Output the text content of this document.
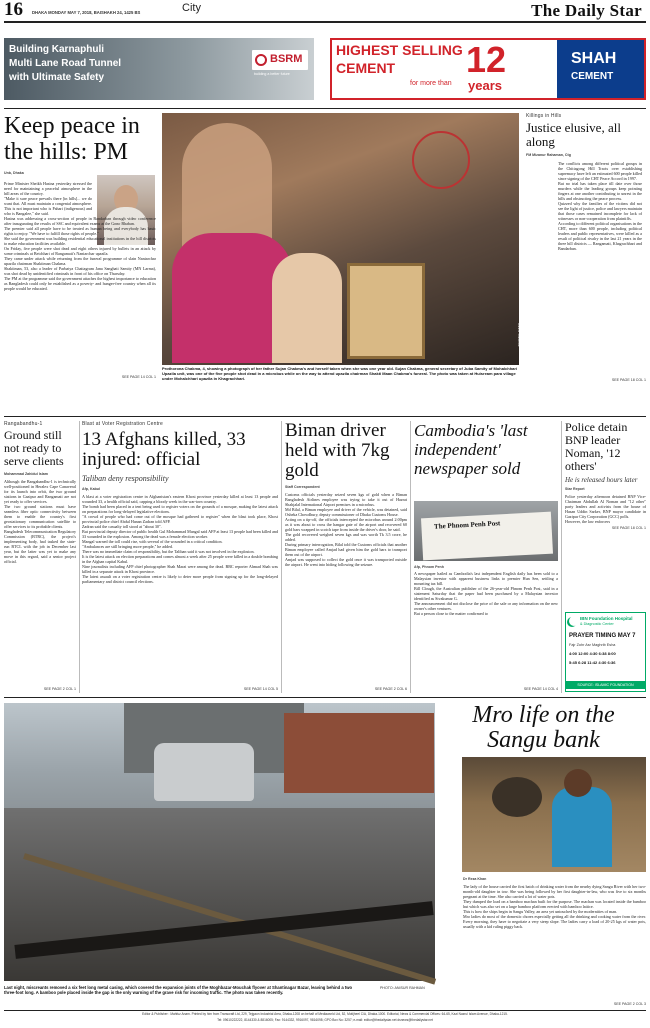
16 DHAKA MONDAY MAY 7, 2018, BAISHAKH 24, 1425 BS	City	The Daily Star
Building Karnaphuli
Multi Lane Road Tunnel
with Ultimate Safety
BSRM
building a better future
HIGHEST SELLING
CEMENT
for more than
12
years
SHAH
CEMENT
Keep peace in the hills: PM
Unb, Dhaka

Prime Minister Sheikh Hasina yesterday stressed the need for maintaining a peaceful atmosphere in the hill areas of the country.

"Make it sure peace prevails there [in hills]... we do want that. All must maintain a congenial atmosphere. This is not important who is Pahari (indigenous) and who is Bangalee," she said.

Hasina was addressing a cross-section of people in Bandarban through video conference after inaugurating the results of SSC and equivalent exams at the Gono Bhaban.

The premier said all people have to be treated as human being and everybody has basic rights to enjoy. "We have to fulfill those rights of people."

She said the government was building residential educational institutions in the hill districts to make education facilities available.

On Friday, five people were shot dead and eight others injured by bullets in an attack by some criminals at Betchhari of Rangamati's Naniarchar upazila.

They came under attack while returning from the funeral programme of slain Naniarchar upazila chairman Shaktiman Chakma.

Shaktiman, 53, also a leader of Parbatya Chattagram Jana Sanghati Samity (MN Larma), was shot dead by unidentified criminals in front of his office on Thursday.

The PM at the programme said the government attaches the highest importance to education as Bangladesh could only be established as a poverty- and hunger-free country when all its people would be educated.

SEE PAGE 14 COL 1
PHOTO: STAR
Prothorona Chakma, 4, showing a photograph of her father Sujan Chakma's and herself taken when she was one year old. Sujan Chakma, general secretary of Juba Samity of Mohalchhari Upazila unit, was one of the five people shot dead in a microbus while on the way to attend upazila chairman Shakti Maan Chakma's funeral. The photo was taken at Huisream para village under Mohalchhari upazila in Khagrachhari.
Killings in Hills
Justice elusive, all along
FM Mizanur Rahaman, Ctg

The conflicts among different political groups in the Chittagong Hill Tracts over establishing supremacy have left an estimated 600 people killed since signing of the CHT Peace Accord in 1997.

But no trial has taken place till date over those murders while the leading groups keep pointing fingers at one another contributing to unrest in the hills and obstructing the peace process.

Quizzed why the families of the victims did not see the light of justice, police and lawyers maintain that those cases remained incomplete for lack of witnesses or non-cooperation from plaintiffs.

According to different political organisations in the CHT, more than 600 people, including political leaders and public representatives, were killed as a result of political rivalry in the last 21 years in the three hill districts — Rangamati, Khagrachhari and Bandarban.

SEE PAGE 18 COL 1
Rangabandhu-1
Ground still not ready to serve clients
Mohammad Zahidul Islam

Although the Bangabandhu-1 is technically well-positioned in Heralex Cape Canaveral for its launch into orbit, the two ground stations in Gazipur and Rangamati are not yet ready to offer services.

The two ground stations must have seamless fiber optic connectivity between them to enable the country's first geostationary communication satellite to offer services to its probable clients.

Bangladesh Telecommunication Regulatory Commission (BTRC), the project's implementing body, had tasked the state-run BTCL with the job in December last year, but the latter was yet to make any move in this regard, said a senior project official.

SEE PAGE 2 COL 1
Blast at Voter Registration Centre
13 Afghans killed, 33 injured: official
Taliban deny responsibility
Afp, Kabul

A blast at a voter registration centre in Afghanistan's eastern Khost province yesterday killed at least 13 people and wounded 33, a health official said, capping a bloody week in the war-torn country.

The bomb had been placed in a tent being used to register voters on the grounds of a mosque, making the latest attack on preparations for long-delayed legislative elections.

"A crowd of people who had come out of the mosque had gathered to register" when the blast took place, Khost provincial police chief Abdul Hanan Zadran told AFP.

Zadran said the casualty toll stood at "about 30".

But provincial deputy director of public health Gul Mohammad Mangal said AFP at least 13 people had been killed and 33 wounded in the explosion. Among the dead was a female election worker.

Mangal warned the toll could rise, with several of the wounded in a critical condition.

"Ambulances are still bringing more people," he added.

There was no immediate claim of responsibility, but the Taliban said it was not involved in the explosion.

It is the latest attack on election preparations and comes almost a week after 25 people were killed in a double bombing in the Afghan capital Kabul.

Nine journalists including AFP chief photographer Shah Marai were among the dead. BBC reporter Ahmad Shah was killed in a separate attack in Khost province.

The latest assault on a voter registration centre is likely to deter more people from signing up for the long-delayed parliamentary and district council elections.

SEE PAGE 14 COL 5
Biman driver held with 7kg gold
Staff Correspondent

Customs officials yesterday seized seven kgs of gold when a Biman Bangladesh Airlines employee was trying to take it out of Hazrat Shahjalal International Airport premises in a microbus.

Md Bilal, a Biman employee and driver of the vehicle, was detained, said Osheka Chowdhury, deputy commissioner of Dhaka Customs House.

Acting on a tip-off, the officials intercepted the microbus around 2:00pm as it was about to cross the hangar gate of the airport and recovered 60 gold bars wrapped in scotch tape from inside the driver's door, he said.

The gold recovered weighed seven kgs and was worth Tk 3.5 crore, he added.

During primary interrogation, Bilal told the Customs officials that another Biman employee called Amjad had given him the gold bars to transport them out of the airport.

Amjad was supposed to collect the gold once it was transported outside the airport. He went into hiding following the seizure.

SEE PAGE 2 COL 6
Cambodia's 'last independent' newspaper sold
The Phnom Penh Post
Afp, Phnom Penh

A newspaper hailed as Cambodia's last independent English daily has been sold to a Malaysian investor with apparent business links to premier Hun Sen, settling a mounting tax bill.

Bill Clough, the Australian publisher of the 26-year-old Phnom Penh Post, said in a statement Saturday that the paper had been purchased by a Malaysian investor identified as Sivakumar G.

The announcement did not disclose the price of the sale or any information on the new owner's other ventures.

But a person close to the matter confirmed to

SEE PAGE 14 COL 4
Police detain BNP leader Noman, '12 others'
He is released hours later
Star Report

Police yesterday afternoon detained BNP Vice-Chairman Abdullah Al Noman and "12 other" party leaders and activists from the house of Hasan Uddin Sarker, BNP mayor candidate in Gazipur City Corporation (GCC) polls.

However, the law enforcers

SEE PAGE 18 COL 1
IBN Foundation Hospital
& Diagnostic Center
PRAYER TIMING MAY 7
Fajr Zohr Asr Maghrib Esha
4:00 12:00 4:30 6:38 8:00
5:45 6:28 11:42 4:30 6:36
SOURCE: ISLAMIC FOUNDATION
Last night, miscreants removed a six feet long metal casing, which covered the expansion joints of the Moghbazar-Mouchak flyover at Shantinagar Bazar, leaving behind a two three-foot long. A bamboo pole placed inside the gap is the only warning of the grave risk for incoming traffic. The photo was taken recently.
PHOTO: ANISUR RAHMAN
Mro life on the
Sangu bank
Dr Reza Khan

The lady of the house carried the first batch of drinking water from the nearby dying Sangu River with her two-month-old daughter in tow. She was being followed by her first daughter-in-law, who was five to six months pregnant at the time. She also carried a lot of water pots.

They dumped the load on a bamboo machan built for the purpose. The machan was located inside the bamboo hut which was also set on a large bamboo platform erected with bamboo lattice.

This is how the ships begin in Sangu Valley, an area yet untouched by the modernities of man.

Mro ladies do most of the domestic chores especially getting all the drinking and cooking water from the river. Every morning, they have to negotiate a very steep slope. The ladies carry a load of 20-25 kgs of water pots, usually with a kid ruling piggy back.

SEE PAGE 2 COL 3
Editor & Publisher : Mahfuz Anam. Printed by him from Transcraft Ltd, 229, Tejgaon Industrial Area, Dhaka-1208 on behalf of Mediaworld Ltd, 52, Motijheel C/A, Dhaka-1000. Editorial, News & Commercial Offices: 64-65, Kazi Nazrul Islam Avenue, Dhaka-1215.
Tel: 09610222222, 8144330 & 8816005; Fax: 9144332, 9916097, 9816098; GPO Box No: 3257; e-mail: editor@thedailystar.net dsnews@thedailystar.net
